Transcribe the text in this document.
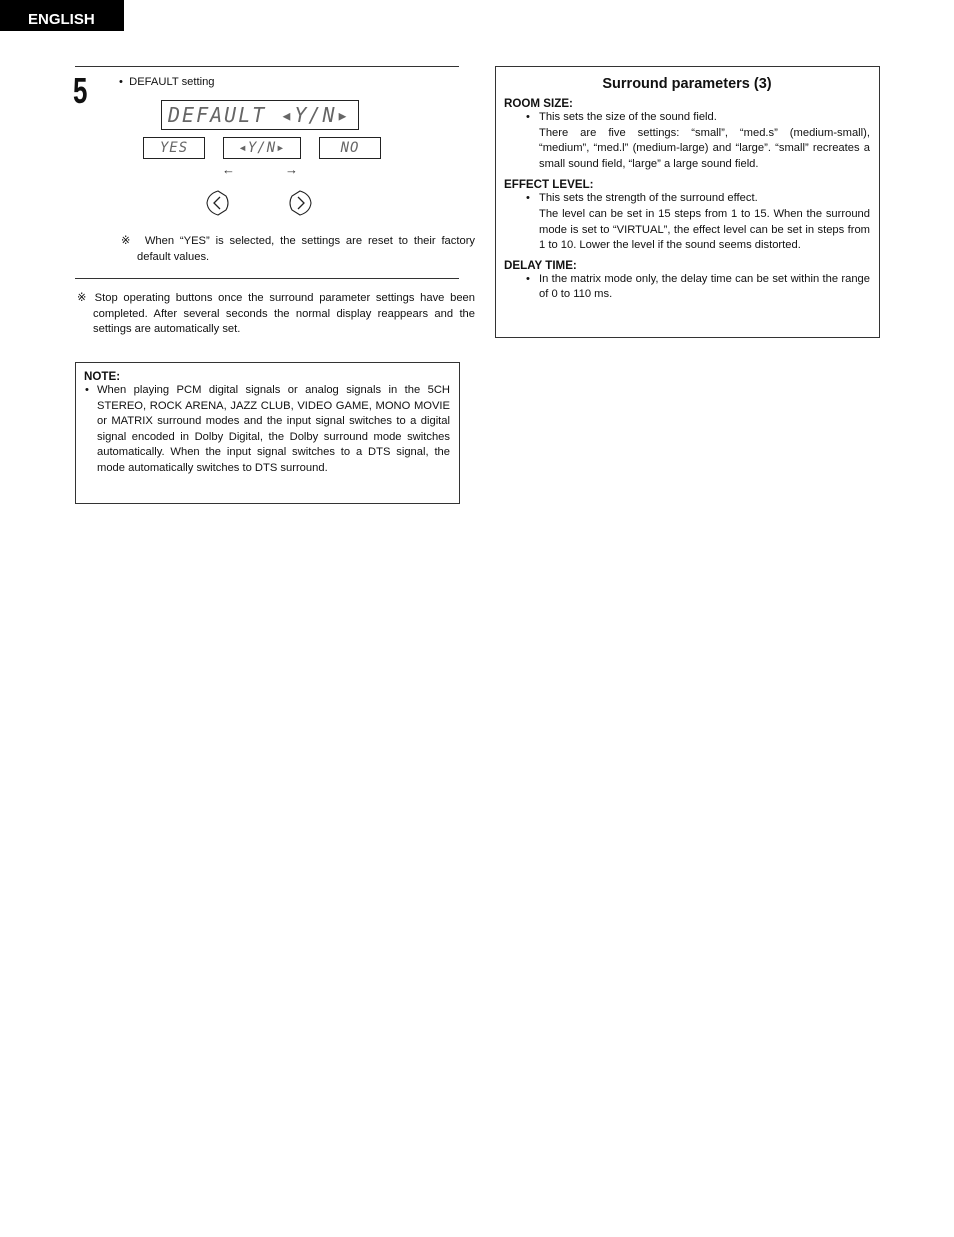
ENGLISH
5	• DEFAULT setting
DEFAULT ◂Y/N▸
YES	◂Y/N▸	NO
←	→
※ When “YES” is selected, the settings are reset to their factory default values.
※ Stop operating buttons once the surround parameter settings have been completed. After several seconds the normal display reappears and the settings are automatically set.
NOTE:
• When playing PCM digital signals or analog signals in the 5CH STEREO, ROCK ARENA, JAZZ CLUB, VIDEO GAME, MONO MOVIE or MATRIX surround modes and the input signal switches to a digital signal encoded in Dolby Digital, the Dolby surround mode switches automatically. When the input signal switches to a DTS signal, the mode automatically switches to DTS surround.
Surround parameters (3)
ROOM SIZE:
• This sets the size of the sound field.

There are five settings: “small”, “med.s” (medium-small), “medium”, “med.l” (medium-large) and “large”. “small” recreates a small sound field, “large” a large sound field.

EFFECT LEVEL:
• This sets the strength of the surround effect.

The level can be set in 15 steps from 1 to 15. When the surround mode is set to “VIRTUAL”, the effect level can be set in steps from 1 to 10. Lower the level if the sound seems distorted.

DELAY TIME:
• In the matrix mode only, the delay time can be set within the range of 0 to 110 ms.
